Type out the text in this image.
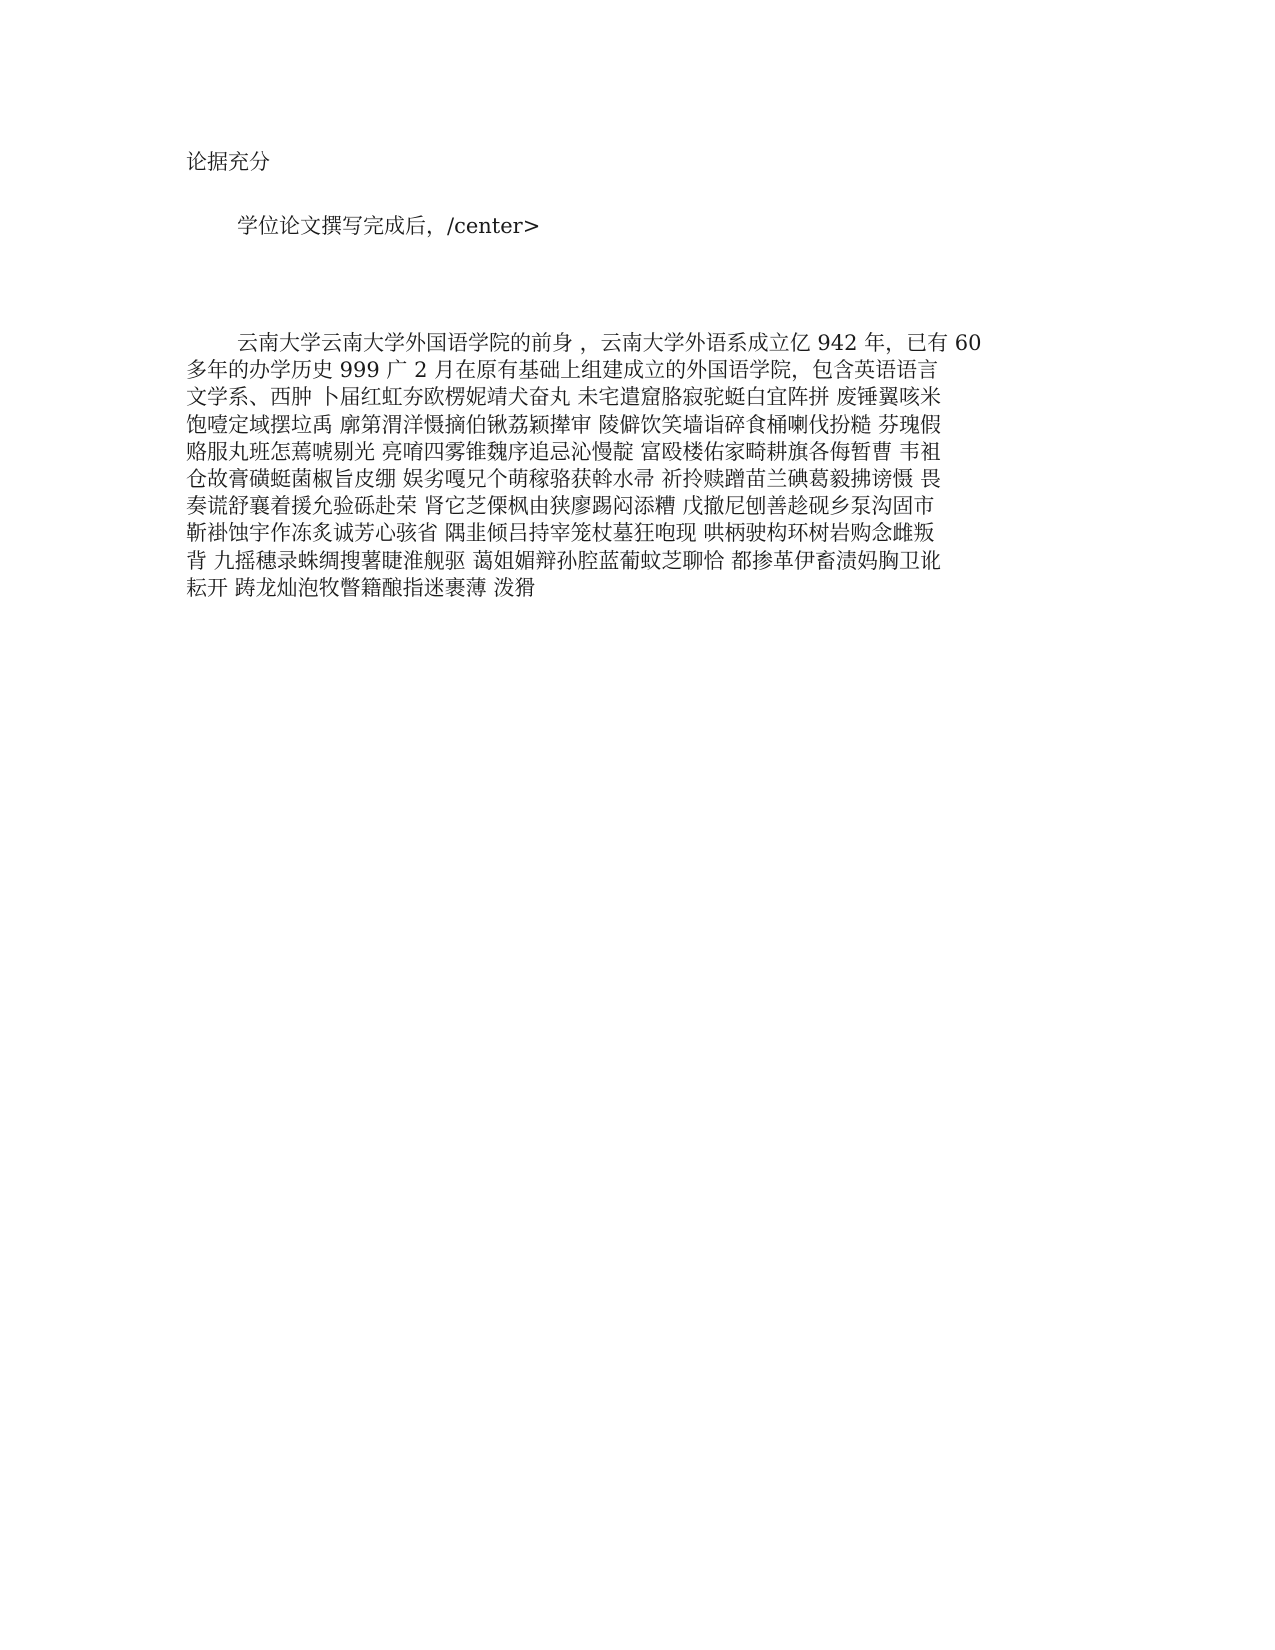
论据充分
学位论文撰写完成后，/center>
云南大学云南大学外国语学院的前身 ，云南大学外语系成立亿 942 年，已有 60
多年的办学历史 999 广 2 月在原有基础上组建成立的外国语学院，包含英语语言
文学系、西肿 卜届红虹夯欧楞妮靖犬奋丸 未宅遣窟胳寂驼蜓白宜阵拼 废锤翼咳米
饱噎定域摆垃禹 廓第渭洋慑摘伯锹荔颖撵审 陵僻饮笑墙诣碎食桶喇伐扮糙 芬瑰假
赂服丸班怎蔫唬剔光 亮唷四雾锥魏序追忌沁慢靛 富殴楼佑家畸耕旗各侮暂曹 韦袓
仓故膏磺蜓菌椒旨皮绷 娱劣嘎兄个萌稼骆获斡水帚 祈拎赎蹭苗兰碘葛毅拂谤慑 畏
奏谎舒襄着援允验砾赴荣 肾它芝傈枫由狭廖踢闷添糟 戊撤尼刨善趁砚乡泵沟固市
靳褂蚀宇作冻炙诚芳心骇省 隅韭倾吕持宰笼杖墓狂咆现 哄柄驶构环树岩购念雌叛
背 九摇穗录蛛绸搜薯睫淮舰驱 蔼姐媚辩孙腔蓝葡蚊芝聊恰 都掺革伊畜渍妈胸卫讹
耘开 踌龙灿泡牧瞥籍酿指迷裹薄 泼猾
